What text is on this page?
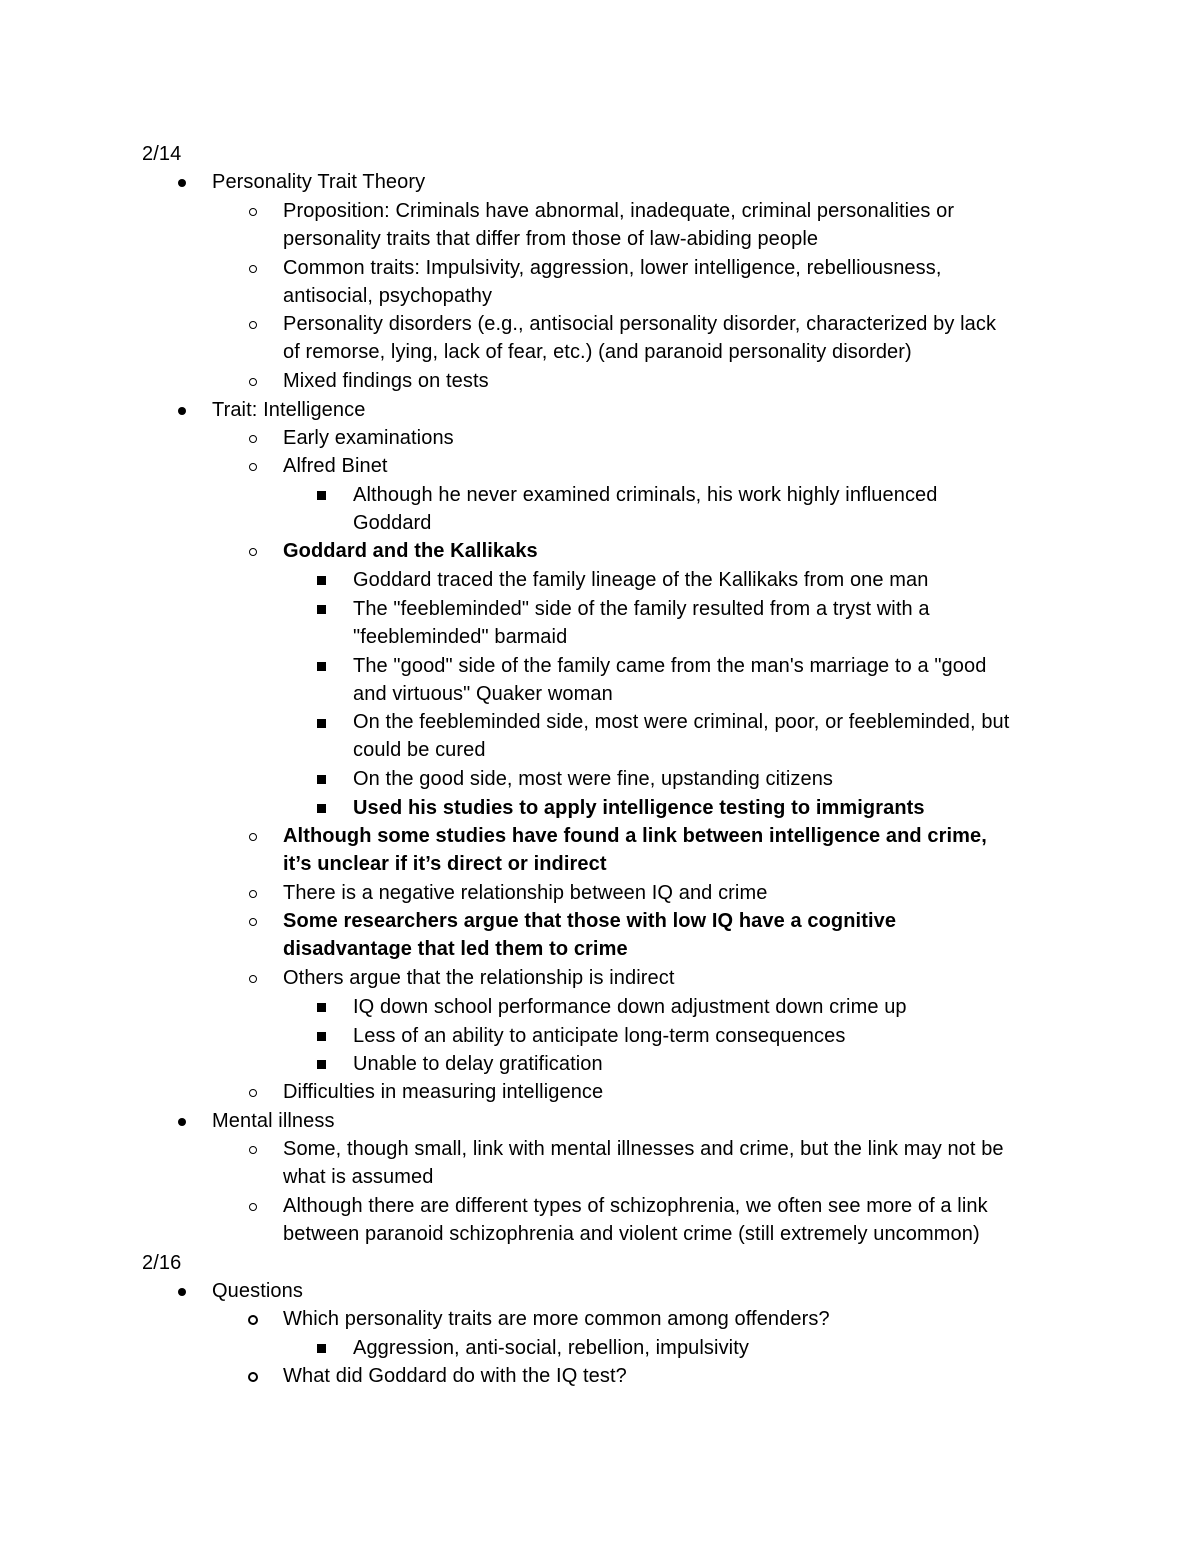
2/14
Personality Trait Theory
Proposition: Criminals have abnormal, inadequate, criminal personalities or
personality traits that differ from those of law-abiding people
Common traits: Impulsivity, aggression, lower intelligence, rebelliousness,
antisocial, psychopathy
Personality disorders (e.g., antisocial personality disorder, characterized by lack
of remorse, lying, lack of fear, etc.) (and paranoid personality disorder)
Mixed findings on tests
Trait: Intelligence
Early examinations
Alfred Binet
Although he never examined criminals, his work highly influenced
Goddard
Goddard and the Kallikaks
Goddard traced the family lineage of the Kallikaks from one man
The "feebleminded" side of the family resulted from a tryst with a
"feebleminded" barmaid
The "good" side of the family came from the man's marriage to a "good
and virtuous" Quaker woman
On the feebleminded side, most were criminal, poor, or feebleminded, but
could be cured
On the good side, most were fine, upstanding citizens
Used his studies to apply intelligence testing to immigrants
Although some studies have found a link between intelligence and crime,
it’s unclear if it’s direct or indirect
There is a negative relationship between IQ and crime
Some researchers argue that those with low IQ have a cognitive
disadvantage that led them to crime
Others argue that the relationship is indirect
IQ down school performance down adjustment down crime up
Less of an ability to anticipate long-term consequences
Unable to delay gratification
Difficulties in measuring intelligence
Mental illness
Some, though small, link with mental illnesses and crime, but the link may not be
what is assumed
Although there are different types of schizophrenia, we often see more of a link
between paranoid schizophrenia and violent crime (still extremely uncommon)
2/16
Questions
Which personality traits are more common among offenders?
Aggression, anti-social, rebellion, impulsivity
What did Goddard do with the IQ test?
